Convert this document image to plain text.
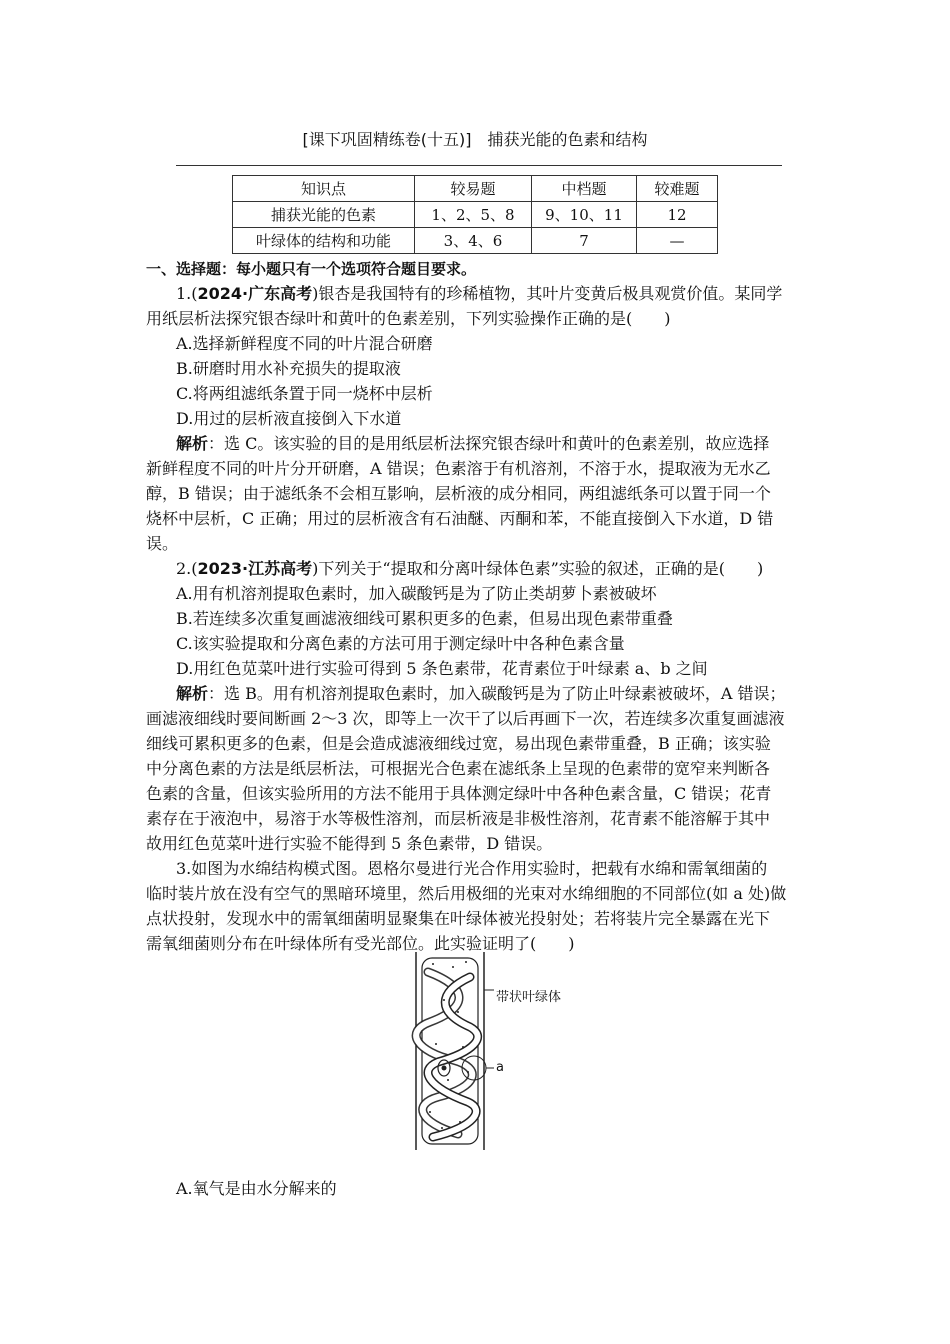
[课下巩固精练卷(十五)]　捕获光能的色素和结构
知识点	较易题	中档题	较难题
捕获光能的色素	1、2、5、8	9、10、11	12
叶绿体的结构和功能	3、4、6	7	—
一、选择题：每小题只有一个选项符合题目要求。
1.(2024·广东高考)银杏是我国特有的珍稀植物，其叶片变黄后极具观赏价值。某同学
用纸层析法探究银杏绿叶和黄叶的色素差别，下列实验操作正确的是(　　)
A.选择新鲜程度不同的叶片混合研磨
B.研磨时用水补充损失的提取液
C.将两组滤纸条置于同一烧杯中层析
D.用过的层析液直接倒入下水道
解析：选 C。该实验的目的是用纸层析法探究银杏绿叶和黄叶的色素差别，故应选择
新鲜程度不同的叶片分开研磨，A 错误；色素溶于有机溶剂，不溶于水，提取液为无水乙
醇，B 错误；由于滤纸条不会相互影响，层析液的成分相同，两组滤纸条可以置于同一个
烧杯中层析，C 正确；用过的层析液含有石油醚、丙酮和苯，不能直接倒入下水道，D 错
误。
2.(2023·江苏高考)下列关于“提取和分离叶绿体色素”实验的叙述，正确的是(　　)
A.用有机溶剂提取色素时，加入碳酸钙是为了防止类胡萝卜素被破坏
B.若连续多次重复画滤液细线可累积更多的色素，但易出现色素带重叠
C.该实验提取和分离色素的方法可用于测定绿叶中各种色素含量
D.用红色苋菜叶进行实验可得到 5 条色素带，花青素位于叶绿素 a、b 之间
解析：选 B。用有机溶剂提取色素时，加入碳酸钙是为了防止叶绿素被破坏，A 错误；
画滤液细线时要间断画 2～3 次，即等上一次干了以后再画下一次，若连续多次重复画滤液
细线可累积更多的色素，但是会造成滤液细线过宽，易出现色素带重叠，B 正确；该实验
中分离色素的方法是纸层析法，可根据光合色素在滤纸条上呈现的色素带的宽窄来判断各
色素的含量，但该实验所用的方法不能用于具体测定绿叶中各种色素含量，C 错误；花青
素存在于液泡中，易溶于水等极性溶剂，而层析液是非极性溶剂，花青素不能溶解于其中
故用红色苋菜叶进行实验不能得到 5 条色素带，D 错误。
3.如图为水绵结构模式图。恩格尔曼进行光合作用实验时，把载有水绵和需氧细菌的
临时装片放在没有空气的黑暗环境里，然后用极细的光束对水绵细胞的不同部位(如 a 处)做
点状投射，发现水中的需氧细菌明显聚集在叶绿体被光投射处；若将装片完全暴露在光下
需氧细菌则分布在叶绿体所有受光部位。此实验证明了(　　)
带状叶绿体
a
A.氧气是由水分解来的
